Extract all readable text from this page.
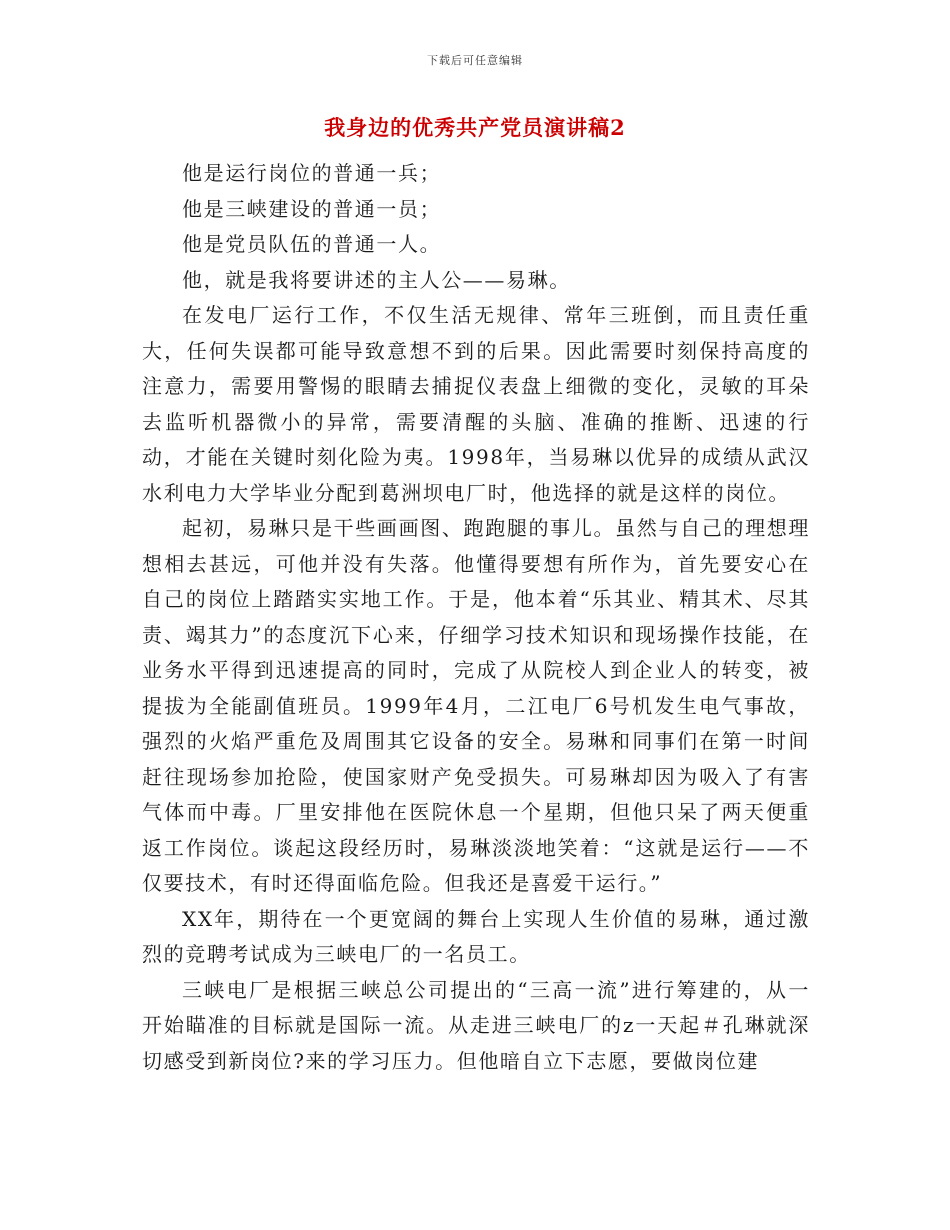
下载后可任意编辑
我身边的优秀共产党员演讲稿2

他是运行岗位的普通一兵；

他是三峡建设的普通一员；

他是党员队伍的普通一人。

他，就是我将要讲述的主人公——易琳。

在发电厂运行工作，不仅生活无规律、常年三班倒，而且责任重大，任何失误都可能导致意想不到的后果。因此需要时刻保持高度的注意力，需要用警惕的眼睛去捕捉仪表盘上细微的变化，灵敏的耳朵去监听机器微小的异常，需要清醒的头脑、准确的推断、迅速的行动，才能在关键时刻化险为夷。1998年，当易琳以优异的成绩从武汉水利电力大学毕业分配到葛洲坝电厂时，他选择的就是这样的岗位。

起初，易琳只是干些画画图、跑跑腿的事儿。虽然与自己的理想理想相去甚远，可他并没有失落。他懂得要想有所作为，首先要安心在自己的岗位上踏踏实实地工作。于是，他本着“乐其业、精其术、尽其责、竭其力”的态度沉下心来，仔细学习技术知识和现场操作技能，在业务水平得到迅速提高的同时，完成了从院校人到企业人的转变，被提拔为全能副值班员。1999年4月，二江电厂6号机发生电气事故，强烈的火焰严重危及周围其它设备的安全。易琳和同事们在第一时间赶往现场参加抢险，使国家财产免受损失。可易琳却因为吸入了有害气体而中毒。厂里安排他在医院休息一个星期，但他只呆了两天便重返工作岗位。谈起这段经历时，易琳淡淡地笑着：“这就是运行——不仅要技术，有时还得面临危险。但我还是喜爱干运行。”

XX年，期待在一个更宽阔的舞台上实现人生价值的易琳，通过激烈的竞聘考试成为三峡电厂的一名员工。

三峡电厂是根据三峡总公司提出的“三高一流”进行筹建的，从一开始瞄准的目标就是国际一流。从走进三峡电厂的z一天起＃孔琳就深切感受到新岗位?来的学习压力。但他暗自立下志愿，要做岗位建
